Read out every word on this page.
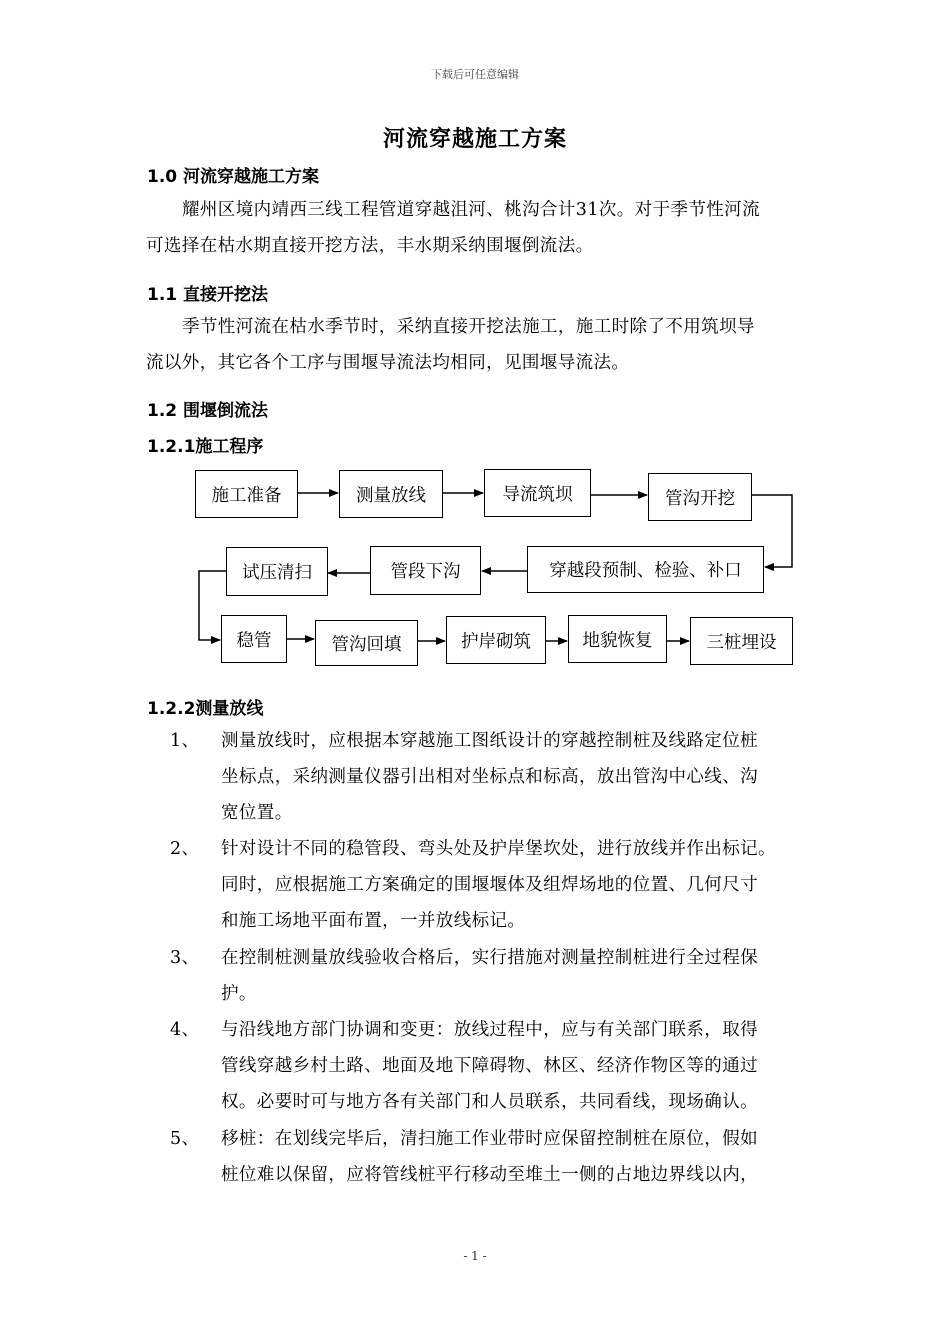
下载后可任意编辑
河流穿越施工方案
1.0 河流穿越施工方案
耀州区境内靖西三线工程管道穿越沮河、桃沟合计31次。对于季节性河流
可选择在枯水期直接开挖方法，丰水期采纳围堰倒流法。
1.1 直接开挖法
季节性河流在枯水季节时，采纳直接开挖法施工，施工时除了不用筑坝导
流以外，其它各个工序与围堰导流法均相同，见围堰导流法。
1.2 围堰倒流法
1.2.1施工程序
施工准备	测量放线	导流筑坝	管沟开挖
试压清扫	管段下沟	穿越段预制、检验、补口
稳管	管沟回填	护岸砌筑	地貌恢复	三桩埋设
1.2.2测量放线
1、 测量放线时，应根据本穿越施工图纸设计的穿越控制桩及线路定位桩
坐标点，采纳测量仪器引出相对坐标点和标高，放出管沟中心线、沟
宽位置。
2、 针对设计不同的稳管段、弯头处及护岸堡坎处，进行放线并作出标记。
同时，应根据施工方案确定的围堰堰体及组焊场地的位置、几何尺寸
和施工场地平面布置，一并放线标记。
3、 在控制桩测量放线验收合格后，实行措施对测量控制桩进行全过程保
护。
4、 与沿线地方部门协调和变更：放线过程中，应与有关部门联系，取得
管线穿越乡村土路、地面及地下障碍物、林区、经济作物区等的通过
权。必要时可与地方各有关部门和人员联系，共同看线，现场确认。
5、 移桩：在划线完毕后，清扫施工作业带时应保留控制桩在原位，假如
桩位难以保留，应将管线桩平行移动至堆土一侧的占地边界线以内，
- 1 -
